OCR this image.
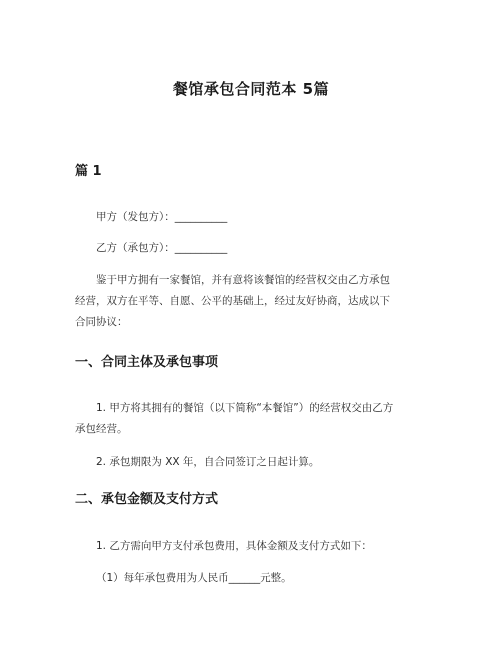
餐馆承包合同范本 5篇
篇 1
甲方（发包方）：__________
乙方（承包方）：__________
鉴于甲方拥有一家餐馆，并有意将该餐馆的经营权交由乙方承包
经营，双方在平等、自愿、公平的基础上，经过友好协商，达成以下
合同协议：
一、合同主体及承包事项
1. 甲方将其拥有的餐馆（以下简称“本餐馆”）的经营权交由乙方
承包经营。
2. 承包期限为 XX 年，自合同签订之日起计算。
二、承包金额及支付方式
1. 乙方需向甲方支付承包费用，具体金额及支付方式如下：
（1）每年承包费用为人民币______元整。
